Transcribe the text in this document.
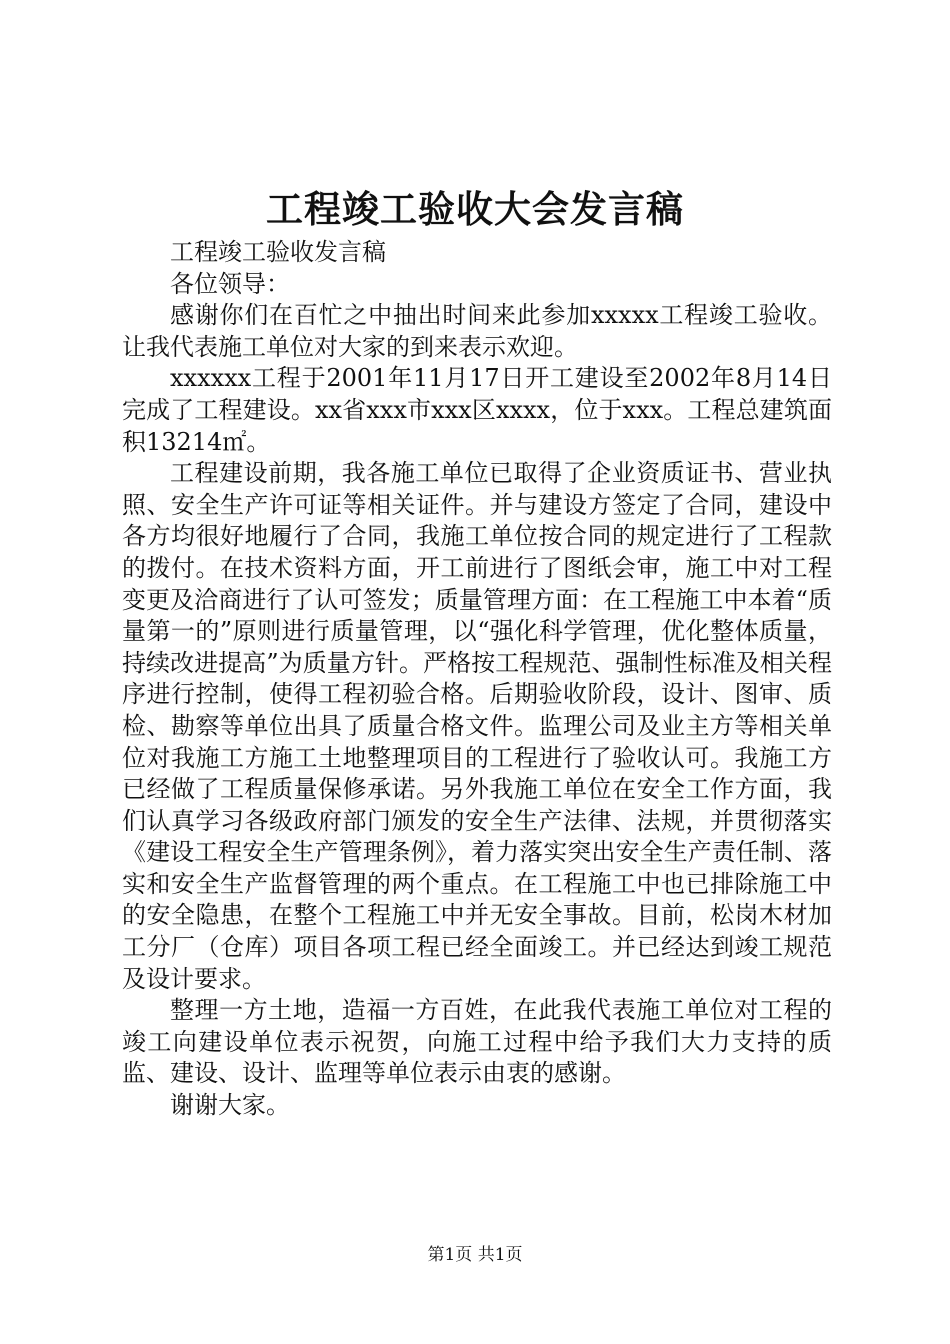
工程竣工验收大会发言稿

工程竣工验收发言稿

各位领导：

感谢你们在百忙之中抽出时间来此参加xxxxx工程竣工验收。让我代表施工单位对大家的到来表示欢迎。

xxxxxx工程于2001年11月17日开工建设至2002年8月14日完成了工程建设。xx省xxx市xxx区xxxx，位于xxx。工程总建筑面积13214㎡。

工程建设前期，我各施工单位已取得了企业资质证书、营业执照、安全生产许可证等相关证件。并与建设方签定了合同，建设中各方均很好地履行了合同，我施工单位按合同的规定进行了工程款的拨付。在技术资料方面，开工前进行了图纸会审，施工中对工程变更及洽商进行了认可签发；质量管理方面：在工程施工中本着“质量第一的”原则进行质量管理，以“强化科学管理，优化整体质量，持续改进提高”为质量方针。严格按工程规范、强制性标准及相关程序进行控制，使得工程初验合格。后期验收阶段，设计、图审、质检、勘察等单位出具了质量合格文件。监理公司及业主方等相关单位对我施工方施工土地整理项目的工程进行了验收认可。我施工方已经做了工程质量保修承诺。另外我施工单位在安全工作方面，我们认真学习各级政府部门颁发的安全生产法律、法规，并贯彻落实《建设工程安全生产管理条例》，着力落实突出安全生产责任制、落实和安全生产监督管理的两个重点。在工程施工中也已排除施工中的安全隐患，在整个工程施工中并无安全事故。目前，松岗木材加工分厂（仓库）项目各项工程已经全面竣工。并已经达到竣工规范及设计要求。

整理一方土地，造福一方百姓，在此我代表施工单位对工程的竣工向建设单位表示祝贺，向施工过程中给予我们大力支持的质监、建设、设计、监理等单位表示由衷的感谢。

谢谢大家。

第1页 共1页
